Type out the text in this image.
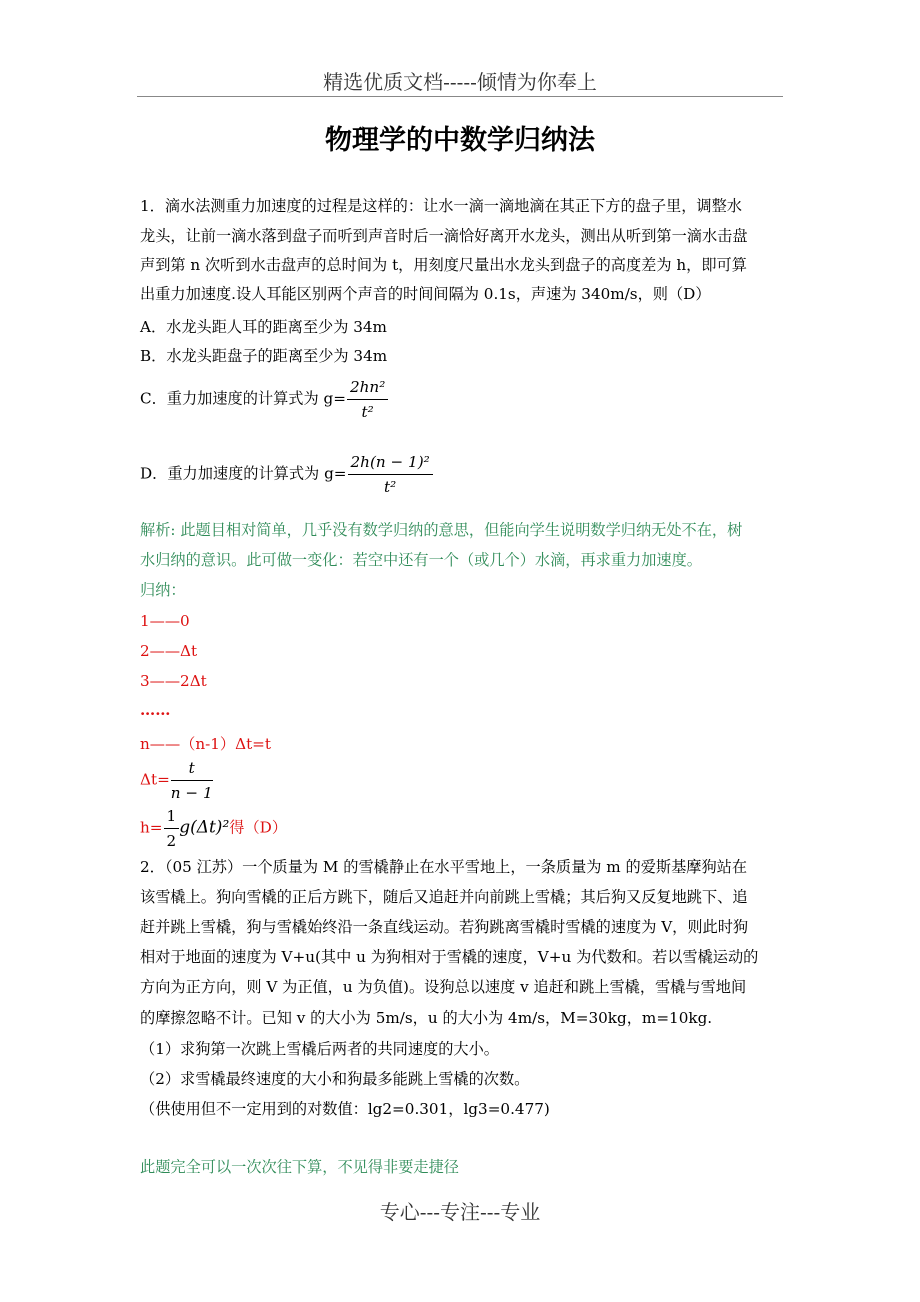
精选优质文档-----倾情为你奉上
物理学的中数学归纳法
1．滴水法测重力加速度的过程是这样的：让水一滴一滴地滴在其正下方的盘子里，调整水
龙头，让前一滴水落到盘子而听到声音时后一滴恰好离开水龙头，测出从听到第一滴水击盘
声到第 n 次听到水击盘声的总时间为 t，用刻度尺量出水龙头到盘子的高度差为 h，即可算
出重力加速度.设人耳能区别两个声音的时间间隔为 0.1s，声速为 340m/s，则（D）
A．水龙头距人耳的距离至少为 34m
B．水龙头距盘子的距离至少为 34m
C．重力加速度的计算式为 $g= \frac{\text{2hn²}}{\text{t²}}$
D．重力加速度的计算式为 $g= \frac{\text{2h(n − 1)²}}{\text{t²}}$
解析: 此题目相对简单，几乎没有数学归纳的意思，但能向学生说明数学归纳无处不在，树
水归纳的意识。此可做一变化：若空中还有一个（或几个）水滴，再求重力加速度。
归纳：
1——0
2——Δt
3——2Δt
……
n——（n-1）Δt=t
$\Delta t= \frac{t}{n - 1}$
$h= \frac{1}{2} g(\Delta t)^2$得（D）
2．（05 江苏）一个质量为 M 的雪橇静止在水平雪地上，一条质量为 m 的爱斯基摩狗站在
该雪橇上。狗向雪橇的正后方跳下，随后又追赶并向前跳上雪橇；其后狗又反复地跳下、追
赶并跳上雪橇，狗与雪橇始终沿一条直线运动。若狗跳离雪橇时雪橇的速度为 V，则此时狗
相对于地面的速度为 V+u(其中 u 为狗相对于雪橇的速度，V+u 为代数和。若以雪橇运动的
方向为正方向，则 V 为正值，u 为负值)。设狗总以速度 v 追赶和跳上雪橇，雪橇与雪地间
的摩擦忽略不计。已知 v 的大小为 5m/s，u 的大小为 4m/s，M=30kg，m=10kg.
（1）求狗第一次跳上雪橇后两者的共同速度的大小。
（2）求雪橇最终速度的大小和狗最多能跳上雪橇的次数。
（供使用但不一定用到的对数值：lg2=0.301，lg3=0.477)
此题完全可以一次次往下算，不见得非要走捷径
专心---专注---专业
